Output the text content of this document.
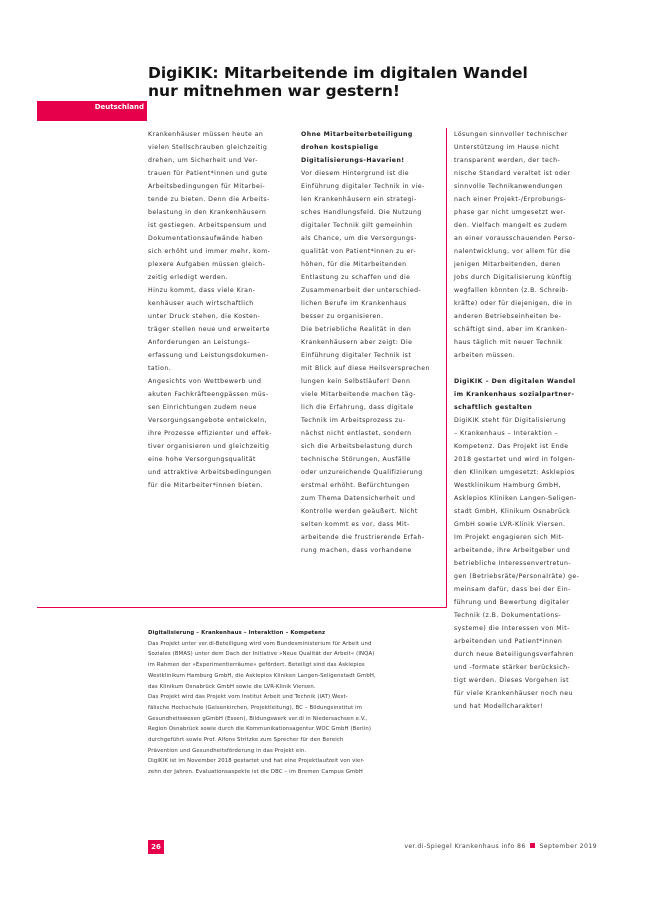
DigiKIK: Mitarbeitende im digitalen Wandel
nur mitnehmen war gestern!
Deutschland

Krankenhäuser müssen heute an

vielen Stellschrauben gleichzeitig

drehen, um Sicherheit und Ver-

trauen für Patient*innen und gute

Arbeitsbedingungen für Mitarbei-

tende zu bieten. Denn die Arbeits-

belastung in den Krankenhäusern

ist gestiegen. Arbeitspensum und

Dokumentationsaufwände haben

sich erhöht und immer mehr, kom-

plexere Aufgaben müssen gleich-

zeitig erledigt werden.

Hinzu kommt, dass viele Kran-

kenhäuser auch wirtschaftlich

unter Druck stehen, die Kosten-

träger stellen neue und erweiterte

Anforderungen an Leistungs-

erfassung und Leistungsdokumen-

tation.

Angesichts von Wettbewerb und

akuten Fachkräfteengpässen müs-

sen Einrichtungen zudem neue

Versorgungsangebote entwickeln,

ihre Prozesse effizienter und effek-

tiver organisieren und gleichzeitig

eine hohe Versorgungsqualität

und attraktive Arbeitsbedingungen

für die Mitarbeiter*innen bieten.

Ohne Mitarbeiterbeteiligung

drohen kostspielige

Digitalisierungs-Havarien!

Vor diesem Hintergrund ist die

Einführung digitaler Technik in vie-

len Krankenhäusern ein strategi-

sches Handlungsfeld. Die Nutzung

digitaler Technik gilt gemeinhin

als Chance, um die Versorgungs-

qualität von Patient*innen zu er-

höhen, für die Mitarbeitenden

Entlastung zu schaffen und die

Zusammenarbeit der unterschied-

lichen Berufe im Krankenhaus

besser zu organisieren.

Die betriebliche Realität in den

Krankenhäusern aber zeigt: Die

Einführung digitaler Technik ist

mit Blick auf diese Heilsversprechen

lungen kein Selbstläufer! Denn

viele Mitarbeitende machen täg-

lich die Erfahrung, dass digitale

Technik im Arbeitsprozess zu-

nächst nicht entlastet, sondern

sich die Arbeitsbelastung durch

technische Störungen, Ausfälle

oder unzureichende Qualifizierung

erstmal erhöht. Befürchtungen

zum Thema Datensicherheit und

Kontrolle werden geäußert. Nicht

selten kommt es vor, dass Mit-

arbeitende die frustrierende Erfah-

rung machen, dass vorhandene

Lösungen sinnvoller technischer

Unterstützung im Hause nicht

transparent werden, der tech-

nische Standard veraltet ist oder

sinnvolle Technikanwendungen

nach einer Projekt-/Erprobungs-

phase gar nicht umgesetzt wer-

den. Vielfach mangelt es zudem

an einer vorausschauenden Perso-

nalentwicklung, vor allem für die

jenigen Mitarbeitenden, deren

Jobs durch Digitalisierung künftig

wegfallen könnten (z.B. Schreib-

kräfte) oder für diejenigen, die in

anderen Betriebseinheiten be-

schäftigt sind, aber im Kranken-

haus täglich mit neuer Technik

arbeiten müssen.

DigiKIK – Den digitalen Wandel

im Krankenhaus sozialpartner-

schaftlich gestalten

DigiKIK steht für Digitalisierung

– Krankenhaus – Interaktion –

Kompetenz. Das Projekt ist Ende

2018 gestartet und wird in folgen-

den Kliniken umgesetzt: Asklepios

Westklinikum Hamburg GmbH,

Asklepios Kliniken Langen-Seligen-

stadt GmbH, Klinikum Osnabrück

GmbH sowie LVR-Klinik Viersen.

Im Projekt engagieren sich Mit-

arbeitende, ihre Arbeitgeber und

betriebliche Interessenvertretun-

gen (Betriebsräte/Personalräte) ge-

meinsam dafür, dass bei der Ein-

führung und Bewertung digitaler

Technik (z.B. Dokumentations-

systeme) die Interessen von Mit-

arbeitenden und Patient*innen

durch neue Beteiligungsverfahren

und -formate stärker berücksich-

tigt werden. Dieses Vorgehen ist

für viele Krankenhäuser noch neu

und hat Modellcharakter!

Digitalisierung – Krankenhaus – Interaktion – Kompetenz

Das Projekt unter ver.di-Beteiligung wird vom Bundesministerium für Arbeit und

Soziales (BMAS) unter dem Dach der Initiative »Neue Qualität der Arbeit« (INQA)

im Rahmen der »Experimentierräume« gefördert. Beteiligt sind das Asklepios

Westklinikum Hamburg GmbH, die Asklepios Kliniken Langen-Seligenstadt GmbH,

das Klinikum Osnabrück GmbH sowie die LVR-Klinik Viersen.

Das Projekt wird das Projekt vom Institut Arbeit und Technik (IAT) West-

fälische Hochschule (Gelsenkirchen, Projektleitung), BC – Bildungsinstitut im

Gesundheitswesen gGmbH (Essen), Bildungswerk ver.di in Niedersachsen e.V.,

Region Osnabrück sowie durch die Kommunikationsagentur WOC GmbH (Berlin)

durchgeführt sowie Prof. Alfons Stritzke zum Sprecher für den Bereich

Prävention und Gesundheitsförderung in das Projekt ein.

DigiKIK ist im November 2018 gestartet und hat eine Projektlaufzeit von vier-

zehn der Jahren. Evaluationsaspekte ist die DBC – im Bremen Campus GmbH

26	ver.di-Spiegel Krankenhaus info 86 September 2019
